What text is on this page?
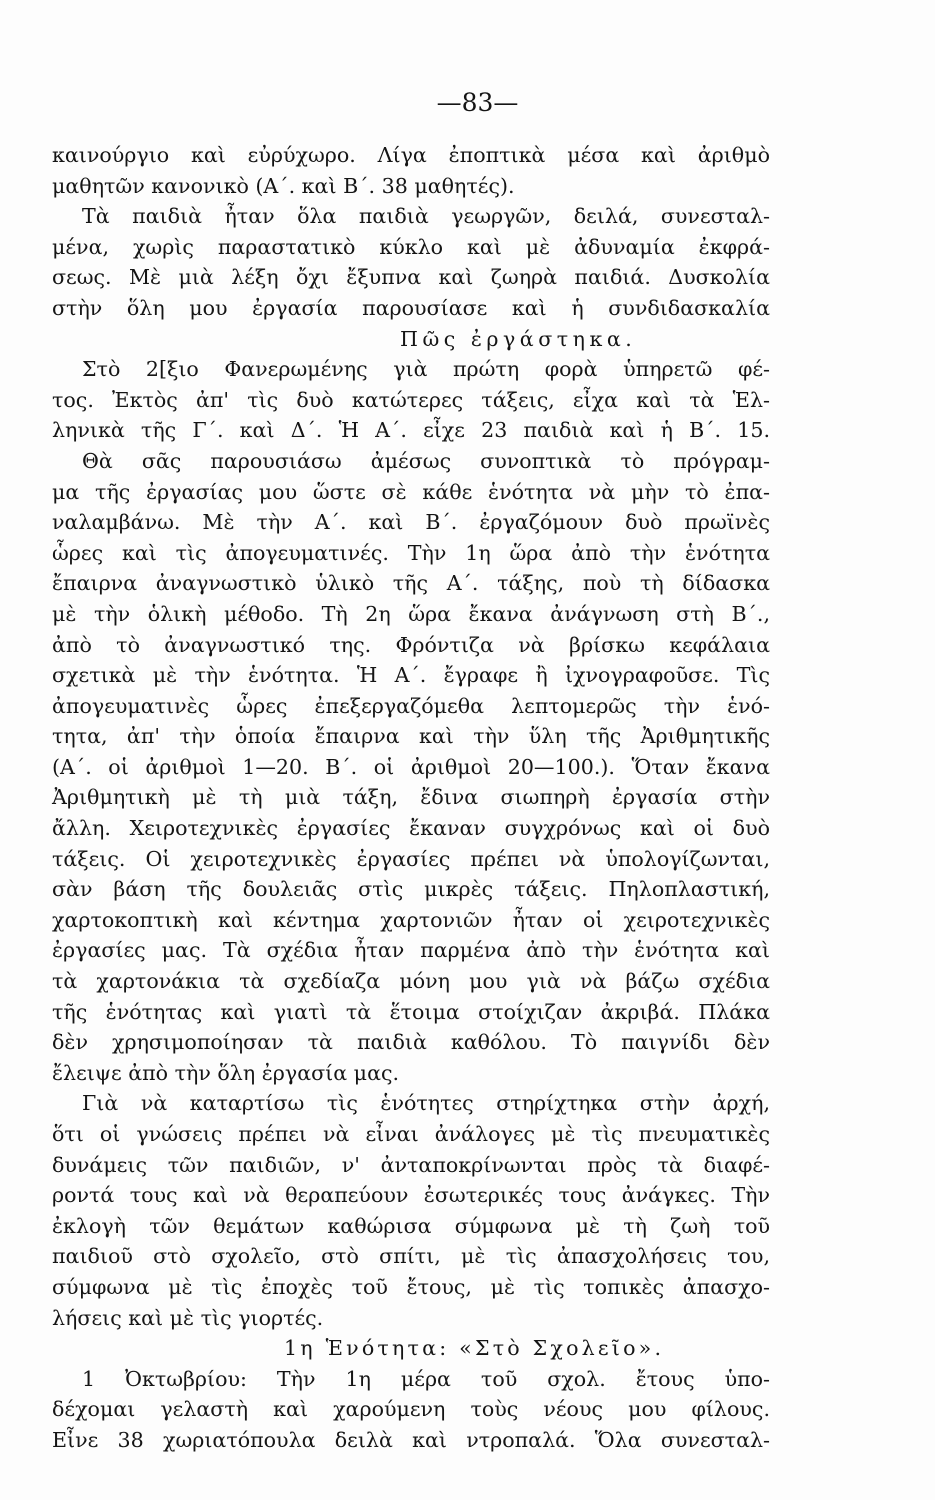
—83—
καινούργιο καὶ εὐρύχωρο. Λίγα ἐποπτικὰ μέσα καὶ ἀριθμὸ
μαθητῶν κανονικὸ (Α΄. καὶ Β΄. 38 μαθητές).
Τὰ παιδιὰ ἦταν ὅλα παιδιὰ γεωργῶν, δειλά, συνεσταλ-
μένα, χωρὶς παραστατικὸ κύκλο καὶ μὲ ἀδυναμία ἐκφρά-
σεως. Μὲ μιὰ λέξη ὄχι ἔξυπνα καὶ ζωηρὰ παιδιά. Δυσκολία
στὴν ὅλη μου ἐργασία παρουσίασε καὶ ἡ συνδιδασκαλία
Πῶς ἐργάστηκα.
Στὸ 2[ξιο Φανερωμένης γιὰ πρώτη φορὰ ὑπηρετῶ φέ-
τος. Ἐκτὸς ἀπ' τὶς δυὸ κατώτερες τάξεις, εἶχα καὶ τὰ Ἑλ-
ληνικὰ τῆς Γ΄. καὶ Δ΄. Ἡ Α΄. εἶχε 23 παιδιὰ καὶ ἡ Β΄. 15.
Θὰ σᾶς παρουσιάσω ἀμέσως συνοπτικὰ τὸ πρόγραμ-
μα τῆς ἐργασίας μου ὥστε σὲ κάθε ἑνότητα νὰ μὴν τὸ ἐπα-
ναλαμβάνω. Μὲ τὴν Α΄. καὶ Β΄. ἐργαζόμουν δυὸ πρωϊνὲς
ὧρες καὶ τὶς ἀπογευματινές. Τὴν 1η ὥρα ἀπὸ τὴν ἑνότητα
ἔπαιρνα ἀναγνωστικὸ ὑλικὸ τῆς Α΄. τάξης, ποὺ τὴ δίδασκα
μὲ τὴν ὁλικὴ μέθοδο. Τὴ 2η ὥρα ἔκανα ἀνάγνωση στὴ Β΄.,
ἀπὸ τὸ ἀναγνωστικό της. Φρόντιζα νὰ βρίσκω κεφάλαια
σχετικὰ μὲ τὴν ἑνότητα. Ἡ Α΄. ἔγραφε ἢ ἰχνογραφοῦσε. Τὶς
ἀπογευματινὲς ὧρες ἐπεξεργαζόμεθα λεπτομερῶς τὴν ἑνό-
τητα, ἀπ' τὴν ὁποία ἔπαιρνα καὶ τὴν ὕλη τῆς Ἀριθμητικῆς
(Α΄. οἱ ἀριθμοὶ 1—20. Β΄. οἱ ἀριθμοὶ 20—100.). Ὅταν ἔκανα
Ἀριθμητικὴ μὲ τὴ μιὰ τάξη, ἔδινα σιωπηρὴ ἐργασία στὴν
ἄλλη. Χειροτεχνικὲς ἐργασίες ἔκαναν συγχρόνως καὶ οἱ δυὸ
τάξεις. Οἱ χειροτεχνικὲς ἐργασίες πρέπει νὰ ὑπολογίζωνται,
σὰν βάση τῆς δουλειᾶς στὶς μικρὲς τάξεις. Πηλοπλαστική,
χαρτοκοπτικὴ καὶ κέντημα χαρτονιῶν ἦταν οἱ χειροτεχνικὲς
ἐργασίες μας. Τὰ σχέδια ἦταν παρμένα ἀπὸ τὴν ἑνότητα καὶ
τὰ χαρτονάκια τὰ σχεδίαζα μόνη μου γιὰ νὰ βάζω σχέδια
τῆς ἑνότητας καὶ γιατὶ τὰ ἕτοιμα στοίχιζαν ἀκριβά. Πλάκα
δὲν χρησιμοποίησαν τὰ παιδιὰ καθόλου. Τὸ παιγνίδι δὲν
ἔλειψε ἀπὸ τὴν ὅλη ἐργασία μας.
Γιὰ νὰ καταρτίσω τὶς ἑνότητες στηρίχτηκα στὴν ἀρχή,
ὅτι οἱ γνώσεις πρέπει νὰ εἶναι ἀνάλογες μὲ τὶς πνευματικὲς
δυνάμεις τῶν παιδιῶν, ν' ἀνταποκρίνωνται πρὸς τὰ διαφέ-
ροντά τους καὶ νὰ θεραπεύουν ἐσωτερικές τους ἀνάγκες. Τὴν
ἐκλογὴ τῶν θεμάτων καθώρισα σύμφωνα μὲ τὴ ζωὴ τοῦ
παιδιοῦ στὸ σχολεῖο, στὸ σπίτι, μὲ τὶς ἀπασχολήσεις του,
σύμφωνα μὲ τὶς ἐποχὲς τοῦ ἔτους, μὲ τὶς τοπικὲς ἀπασχο-
λήσεις καὶ μὲ τὶς γιορτές.
1η Ἑνότητα: «Στὸ Σχολεῖο».
1 Ὀκτωβρίου: Τὴν 1η μέρα τοῦ σχολ. ἔτους ὑπο-
δέχομαι γελαστὴ καὶ χαρούμενη τοὺς νέους μου φίλους.
Εἶνε 38 χωριατόπουλα δειλὰ καὶ ντροπαλά. Ὅλα συνεσταλ-
